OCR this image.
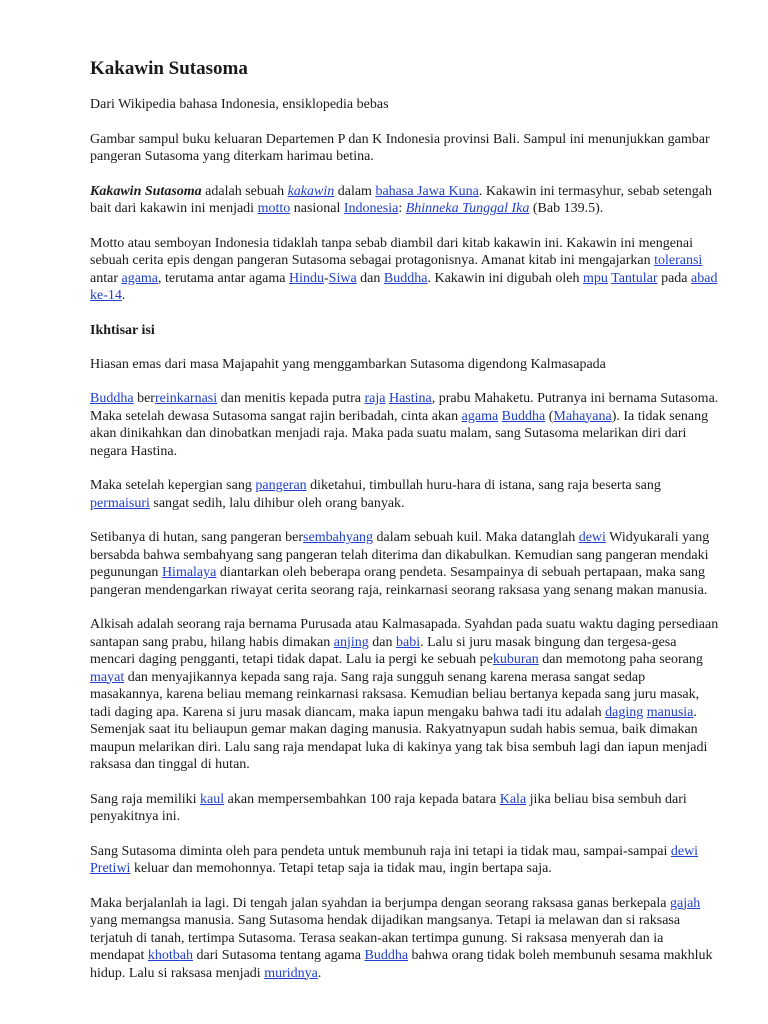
Kakawin Sutasoma

Dari Wikipedia bahasa Indonesia, ensiklopedia bebas

Gambar sampul buku keluaran Departemen P dan K Indonesia provinsi Bali. Sampul ini menunjukkan gambar pangeran Sutasoma yang diterkam harimau betina.

Kakawin Sutasoma adalah sebuah kakawin dalam bahasa Jawa Kuna. Kakawin ini termasyhur, sebab setengah bait dari kakawin ini menjadi motto nasional Indonesia: Bhinneka Tunggal Ika (Bab 139.5).

Motto atau semboyan Indonesia tidaklah tanpa sebab diambil dari kitab kakawin ini. Kakawin ini mengenai sebuah cerita epis dengan pangeran Sutasoma sebagai protagonisnya. Amanat kitab ini mengajarkan toleransi antar agama, terutama antar agama Hindu-Siwa dan Buddha. Kakawin ini digubah oleh mpu Tantular pada abad ke-14.

Ikhtisar isi

Hiasan emas dari masa Majapahit yang menggambarkan Sutasoma digendong Kalmasapada

Buddha berreinkarnasi dan menitis kepada putra raja Hastina, prabu Mahaketu. Putranya ini bernama Sutasoma. Maka setelah dewasa Sutasoma sangat rajin beribadah, cinta akan agama Buddha (Mahayana). Ia tidak senang akan dinikahkan dan dinobatkan menjadi raja. Maka pada suatu malam, sang Sutasoma melarikan diri dari negara Hastina.

Maka setelah kepergian sang pangeran diketahui, timbullah huru-hara di istana, sang raja beserta sang permaisuri sangat sedih, lalu dihibur oleh orang banyak.

Setibanya di hutan, sang pangeran bersembahyang dalam sebuah kuil. Maka datanglah dewi Widyukarali yang bersabda bahwa sembahyang sang pangeran telah diterima dan dikabulkan. Kemudian sang pangeran mendaki pegunungan Himalaya diantarkan oleh beberapa orang pendeta. Sesampainya di sebuah pertapaan, maka sang pangeran mendengarkan riwayat cerita seorang raja, reinkarnasi seorang raksasa yang senang makan manusia.

Alkisah adalah seorang raja bernama Purusada atau Kalmasapada. Syahdan pada suatu waktu daging persediaan santapan sang prabu, hilang habis dimakan anjing dan babi. Lalu si juru masak bingung dan tergesa-gesa mencari daging pengganti, tetapi tidak dapat. Lalu ia pergi ke sebuah pekuburan dan memotong paha seorang mayat dan menyajikannya kepada sang raja. Sang raja sungguh senang karena merasa sangat sedap masakannya, karena beliau memang reinkarnasi raksasa. Kemudian beliau bertanya kepada sang juru masak, tadi daging apa. Karena si juru masak diancam, maka iapun mengaku bahwa tadi itu adalah daging manusia. Semenjak saat itu beliaupun gemar makan daging manusia. Rakyatnyapun sudah habis semua, baik dimakan maupun melarikan diri. Lalu sang raja mendapat luka di kakinya yang tak bisa sembuh lagi dan iapun menjadi raksasa dan tinggal di hutan.

Sang raja memiliki kaul akan mempersembahkan 100 raja kepada batara Kala jika beliau bisa sembuh dari penyakitnya ini.

Sang Sutasoma diminta oleh para pendeta untuk membunuh raja ini tetapi ia tidak mau, sampai-sampai dewi Pretiwi keluar dan memohonnya. Tetapi tetap saja ia tidak mau, ingin bertapa saja.

Maka berjalanlah ia lagi. Di tengah jalan syahdan ia berjumpa dengan seorang raksasa ganas berkepala gajah yang memangsa manusia. Sang Sutasoma hendak dijadikan mangsanya. Tetapi ia melawan dan si raksasa terjatuh di tanah, tertimpa Sutasoma. Terasa seakan-akan tertimpa gunung. Si raksasa menyerah dan ia mendapat khotbah dari Sutasoma tentang agama Buddha bahwa orang tidak boleh membunuh sesama makhluk hidup. Lalu si raksasa menjadi muridnya.
